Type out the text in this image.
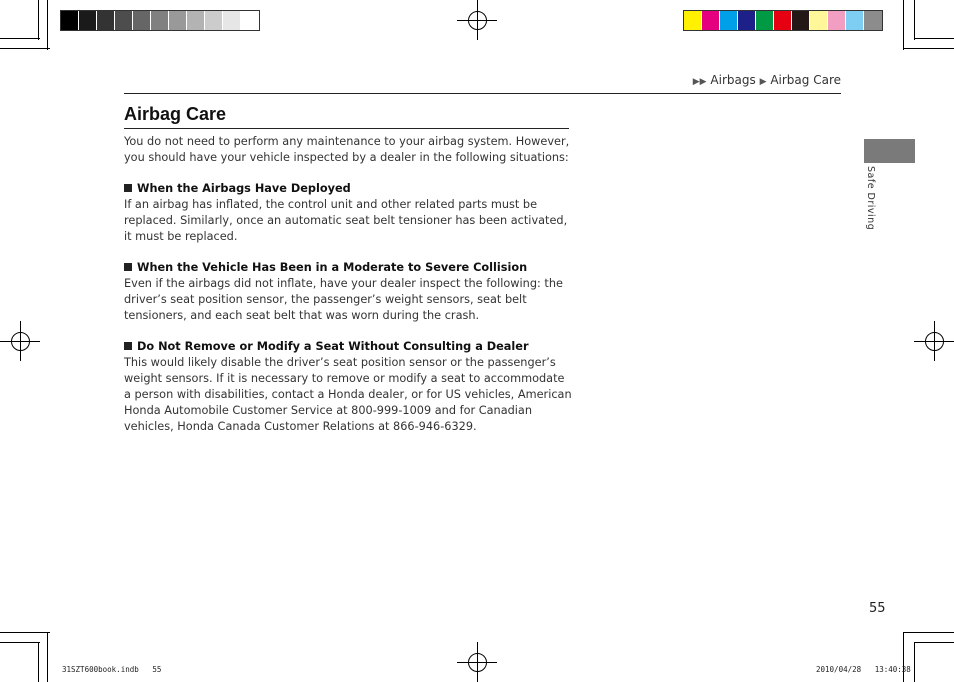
▶▶ Airbags ▶ Airbag Care
Airbag Care

You do not need to perform any maintenance to your airbag system. However, you should have your vehicle inspected by a dealer in the following situations:

When the Airbags Have Deployed

If an airbag has inflated, the control unit and other related parts must be replaced. Similarly, once an automatic seat belt tensioner has been activated, it must be replaced.

When the Vehicle Has Been in a Moderate to Severe Collision

Even if the airbags did not inflate, have your dealer inspect the following: the driver’s seat position sensor, the passenger’s weight sensors, seat belt tensioners, and each seat belt that was worn during the crash.

Do Not Remove or Modify a Seat Without Consulting a Dealer

This would likely disable the driver’s seat position sensor or the passenger’s weight sensors. If it is necessary to remove or modify a seat to accommodate a person with disabilities, contact a Honda dealer, or for US vehicles, American Honda Automobile Customer Service at 800-999-1009 and for Canadian vehicles, Honda Canada Customer Relations at 866-946-6329.

Safe Driving
55
31SZT600book.indb 55	2010/04/28 13:40:38
